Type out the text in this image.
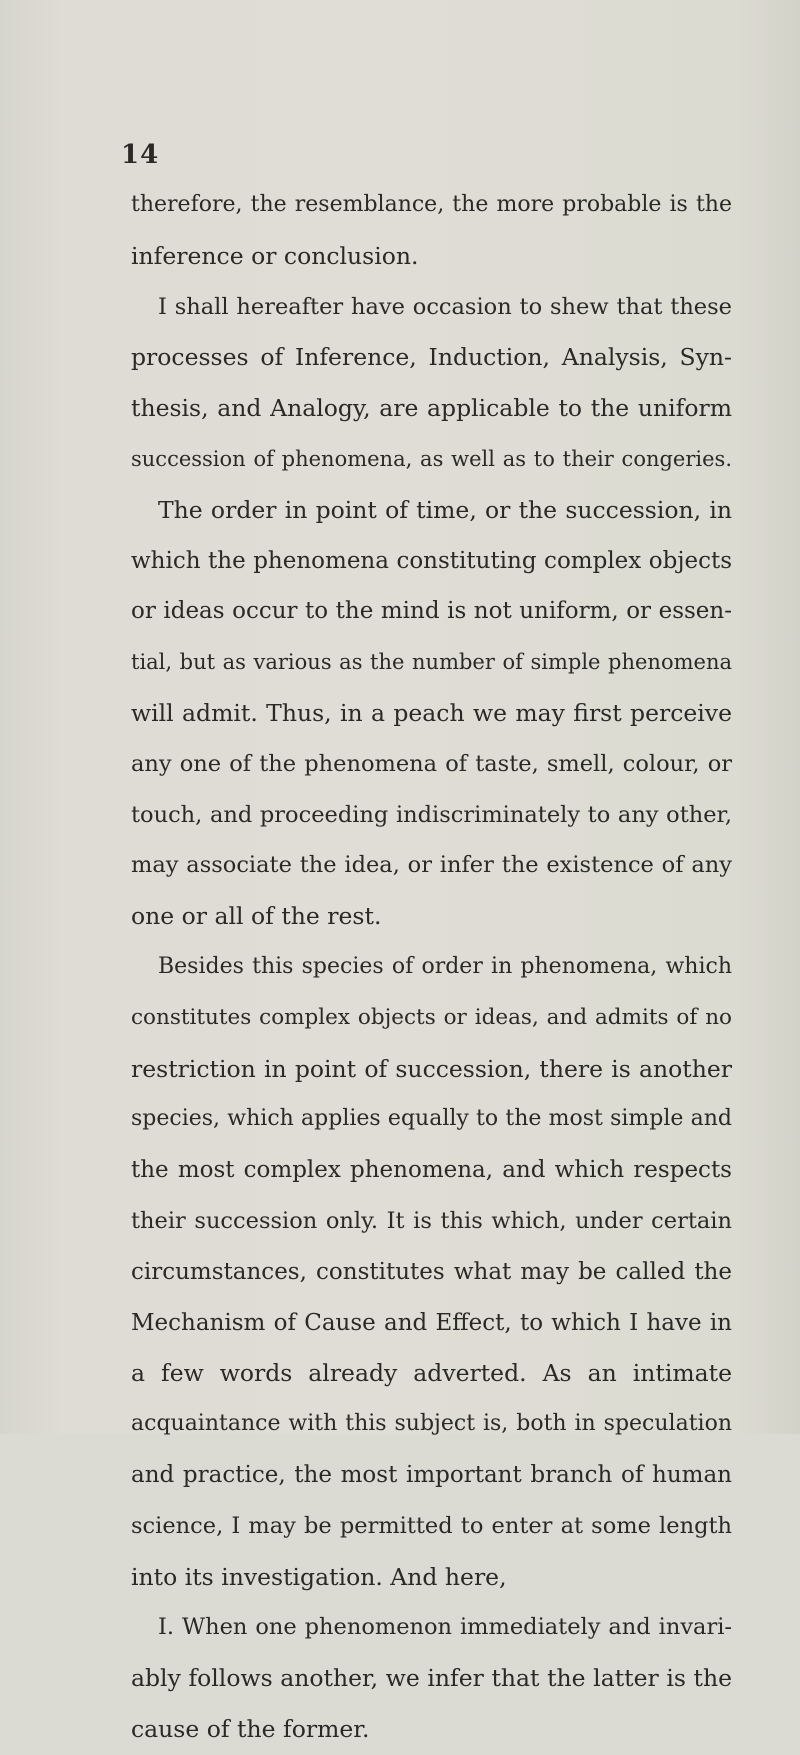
14
therefore, the resemblance, the more probable is the
inference or conclusion.
I shall hereafter have occasion to shew that these
processes of Inference, Induction, Analysis, Syn-
thesis, and Analogy, are applicable to the uniform
succession of phenomena, as well as to their congeries.
The order in point of time, or the succession, in
which the phenomena constituting complex objects
or ideas occur to the mind is not uniform, or essen-
tial, but as various as the number of simple phenomena
will admit. Thus, in a peach we may first perceive
any one of the phenomena of taste, smell, colour, or
touch, and proceeding indiscriminately to any other,
may associate the idea, or infer the existence of any
one or all of the rest.
Besides this species of order in phenomena, which
constitutes complex objects or ideas, and admits of no
restriction in point of succession, there is another
species, which applies equally to the most simple and
the most complex phenomena, and which respects
their succession only. It is this which, under certain
circumstances, constitutes what may be called the
Mechanism of Cause and Effect, to which I have in
a few words already adverted. As an intimate
acquaintance with this subject is, both in speculation
and practice, the most important branch of human
science, I may be permitted to enter at some length
into its investigation. And here,
I. When one phenomenon immediately and invari-
ably follows another, we infer that the latter is the
cause of the former.
